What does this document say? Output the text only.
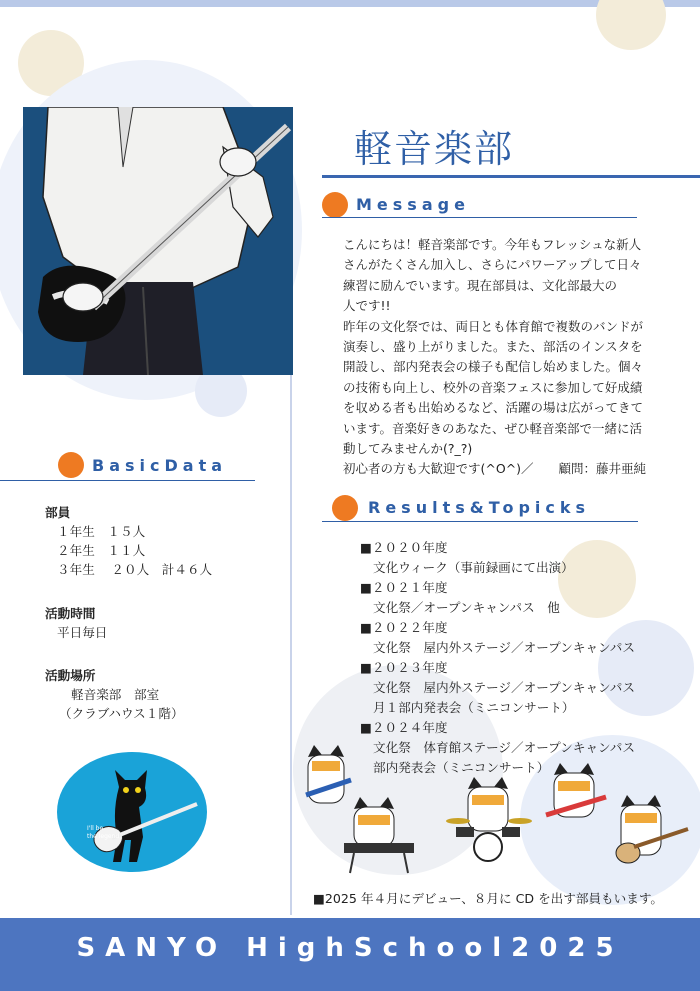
軽音楽部
Message

こんにちは！軽音楽部です。今年もフレッシュな新人

さんがたくさん加入し、さらにパワーアップして日々

練習に励んでいます。現在部員は、文化部最大の

人です!!

昨年の文化祭では、両日とも体育館で複数のバンドが

演奏し、盛り上がりました。また、部活のインスタを

開設し、部内発表会の様子も配信し始めました。個々

の技術も向上し、校外の音楽フェスに参加して好成績

を収める者も出始めるなど、活躍の場は広がってきて

います。音楽好きのあなた、ぜひ軽音楽部で一緒に活

動してみませんか(?_?)

初心者の方も大歓迎です(^O^)／　　顧問：藤井亜純

Results&Topicks

■２０２０年度

文化ウィーク（事前録画にて出演）

■２０２１年度

文化祭／オープンキャンパス　他

■２０２２年度

文化祭　屋内外ステージ／オープンキャンパス

■２０２３年度

文化祭　屋内外ステージ／オープンキャンパス

月１部内発表会（ミニコンサート）

■２０２４年度

文化祭　体育館ステージ／オープンキャンパス

部内発表会（ミニコンサート）

BasicData
部員
１年生　１５人
２年生　１１人
３年生　 ２０人　計４６人
活動時間
平日毎日
活動場所
軽音楽部　部室
（クラブハウス１階）
I'll be
the legend
■2025 年４月にデビュー、８月に CD を出す部員もいます。
SANYO HighSchool2025
